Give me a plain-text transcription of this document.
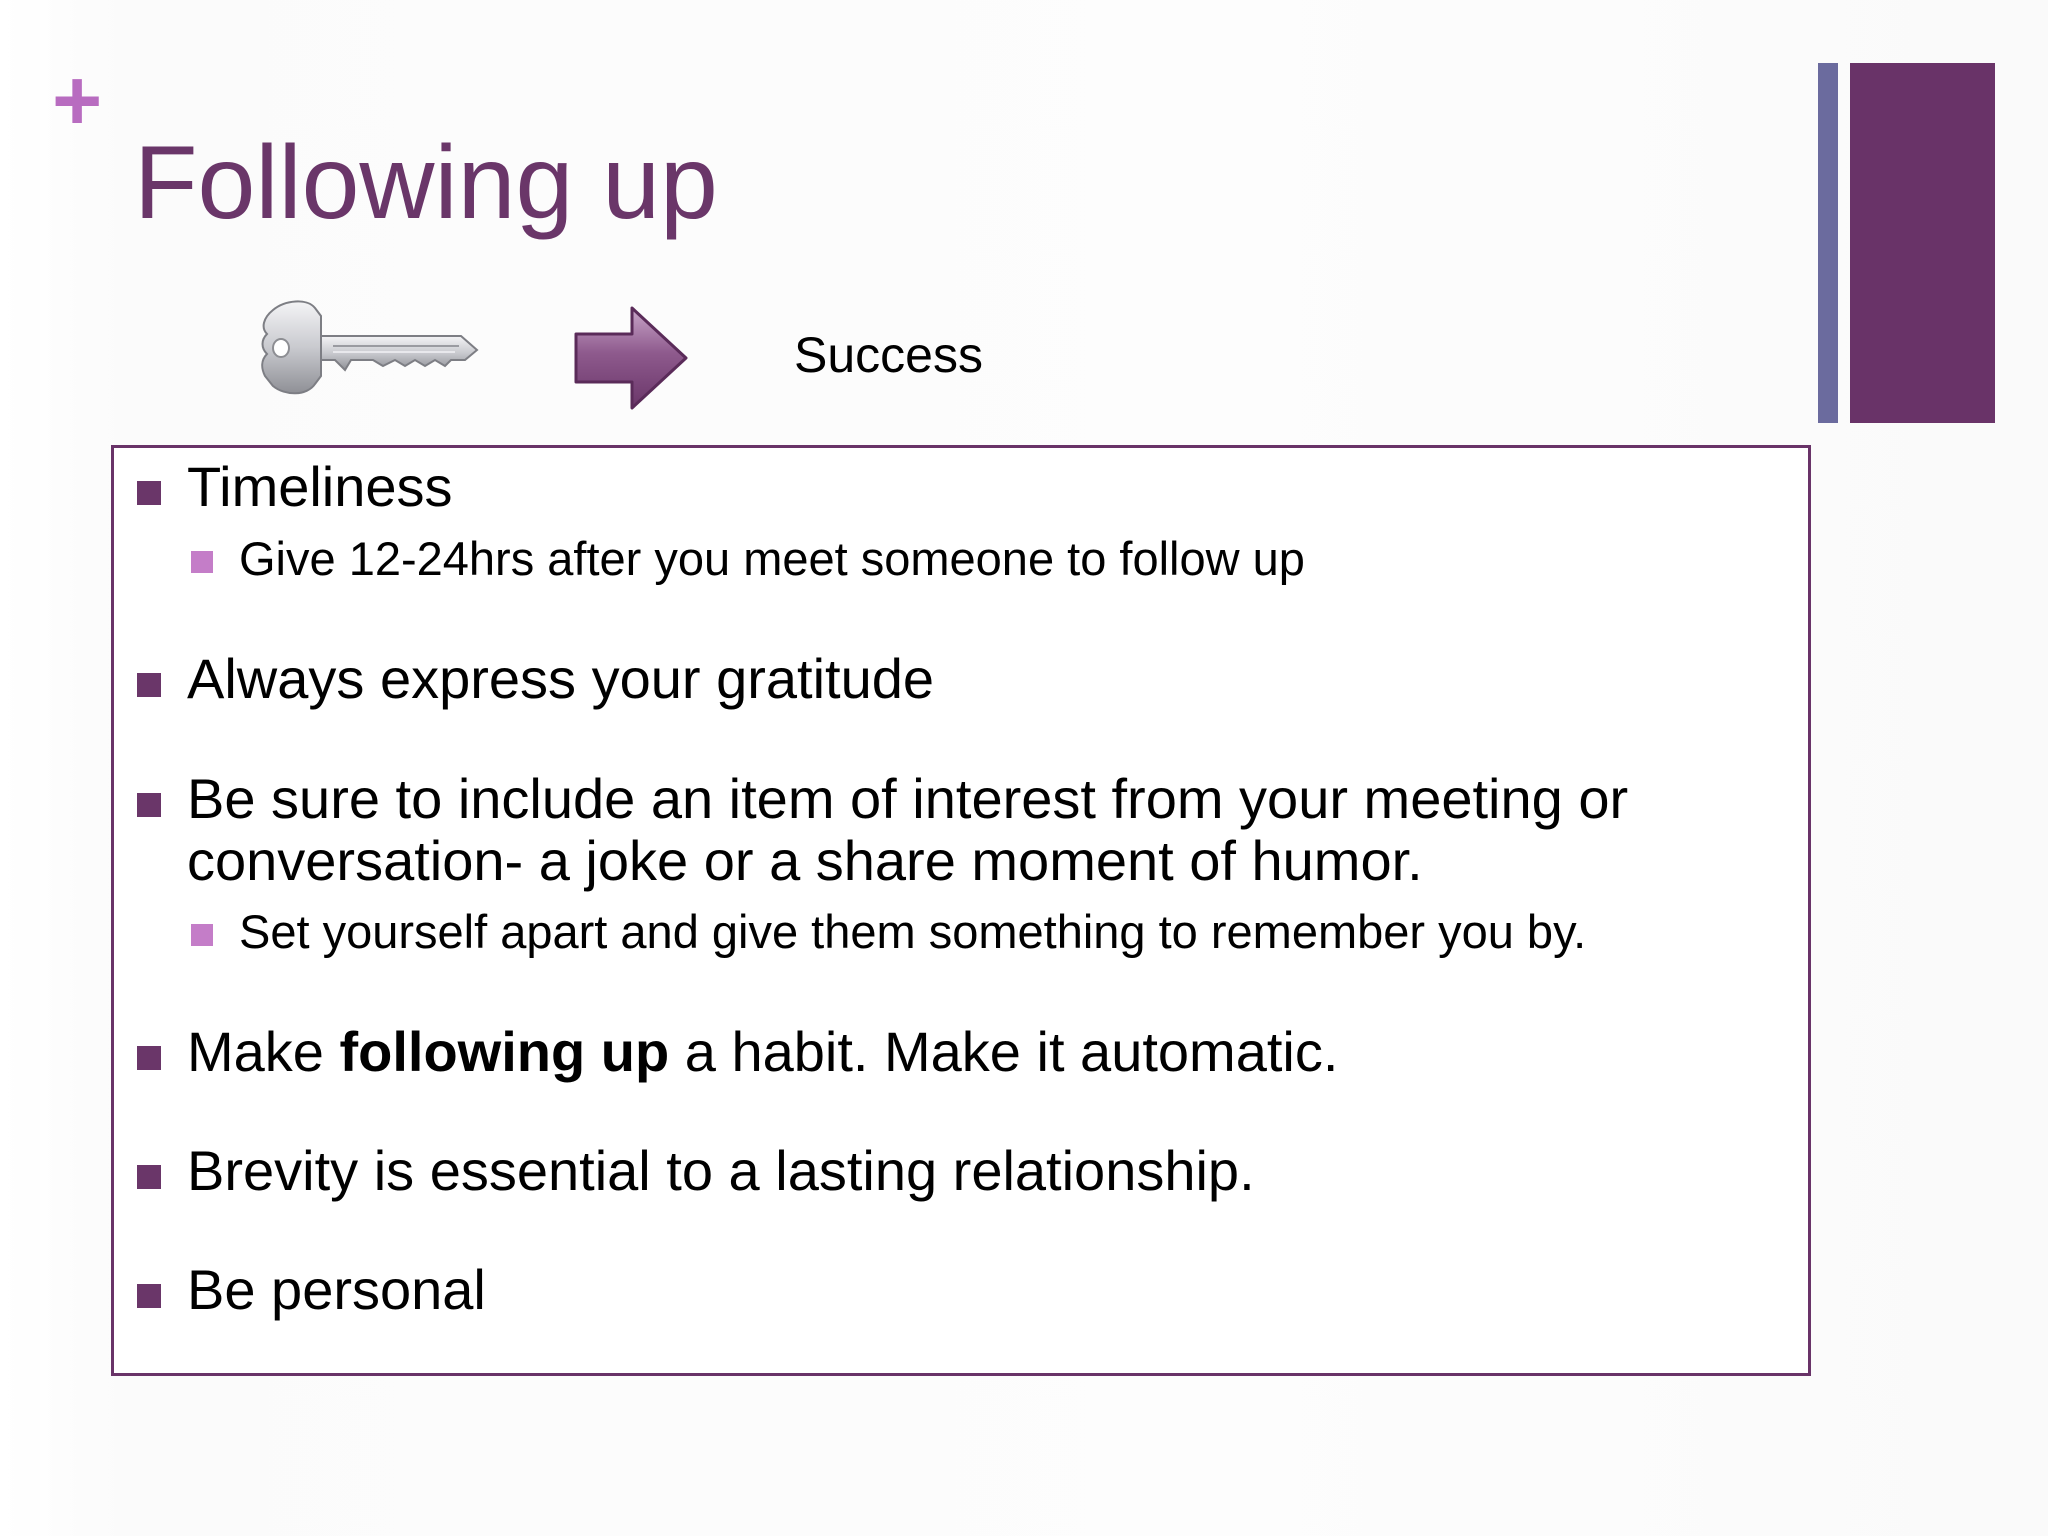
+
Following up
Success
Timeliness
Give 12-24hrs after you meet someone to follow up
Always express your gratitude
Be sure to include an item of interest from your meeting or
conversation- a joke or a share moment of humor.
Set yourself apart and give them something to remember you by.
Make following up a habit. Make it automatic.
Brevity is essential to a lasting relationship.
Be personal
